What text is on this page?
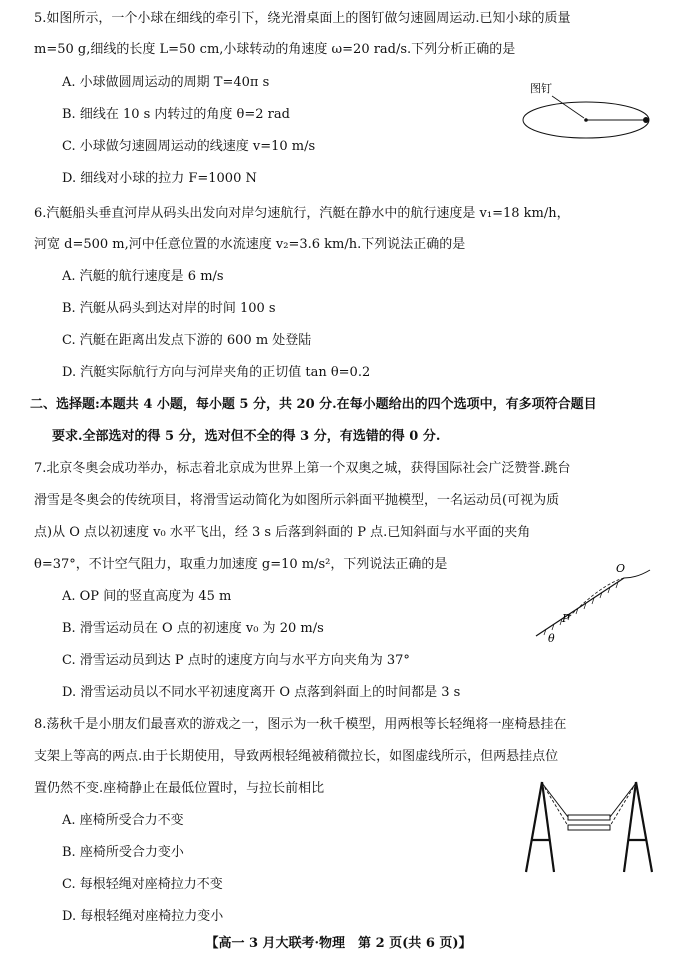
5.如图所示，一个小球在细线的牵引下，绕光滑桌面上的图钉做匀速圆周运动.已知小球的质量
m=50 g,细线的长度 L=50 cm,小球转动的角速度 ω=20 rad/s.下列分析正确的是
A. 小球做圆周运动的周期 T=40π s
B. 细线在 10 s 内转过的角度 θ=2 rad
C. 小球做匀速圆周运动的线速度 v=10 m/s
D. 细线对小球的拉力 F=1000 N
图钉
6.汽艇船头垂直河岸从码头出发向对岸匀速航行，汽艇在静水中的航行速度是 v₁=18 km/h，
河宽 d=500 m,河中任意位置的水流速度 v₂=3.6 km/h.下列说法正确的是
A. 汽艇的航行速度是 6 m/s
B. 汽艇从码头到达对岸的时间 100 s
C. 汽艇在距离出发点下游的 600 m 处登陆
D. 汽艇实际航行方向与河岸夹角的正切值 tan θ=0.2
二、选择题:本题共 4 小题，每小题 5 分，共 20 分.在每小题给出的四个选项中，有多项符合题目
要求.全部选对的得 5 分，选对但不全的得 3 分，有选错的得 0 分.
7.北京冬奥会成功举办，标志着北京成为世界上第一个双奥之城，获得国际社会广泛赞誉.跳台
滑雪是冬奥会的传统项目，将滑雪运动简化为如图所示斜面平抛模型，一名运动员(可视为质
点)从 O 点以初速度 v₀ 水平飞出，经 3 s 后落到斜面的 P 点.已知斜面与水平面的夹角
θ=37°，不计空气阻力，取重力加速度 g=10 m/s²，下列说法正确的是
A. OP 间的竖直高度为 45 m
B. 滑雪运动员在 O 点的初速度 v₀ 为 20 m/s
C. 滑雪运动员到达 P 点时的速度方向与水平方向夹角为 37°
D. 滑雪运动员以不同水平初速度离开 O 点落到斜面上的时间都是 3 s
O
P
θ
8.荡秋千是小朋友们最喜欢的游戏之一，图示为一秋千模型，用两根等长轻绳将一座椅悬挂在
支架上等高的两点.由于长期使用，导致两根轻绳被稍微拉长，如图虚线所示，但两悬挂点位
置仍然不变.座椅静止在最低位置时，与拉长前相比
A. 座椅所受合力不变
B. 座椅所受合力变小
C. 每根轻绳对座椅拉力不变
D. 每根轻绳对座椅拉力变小
【高一 3 月大联考·物理　第 2 页(共 6 页)】
